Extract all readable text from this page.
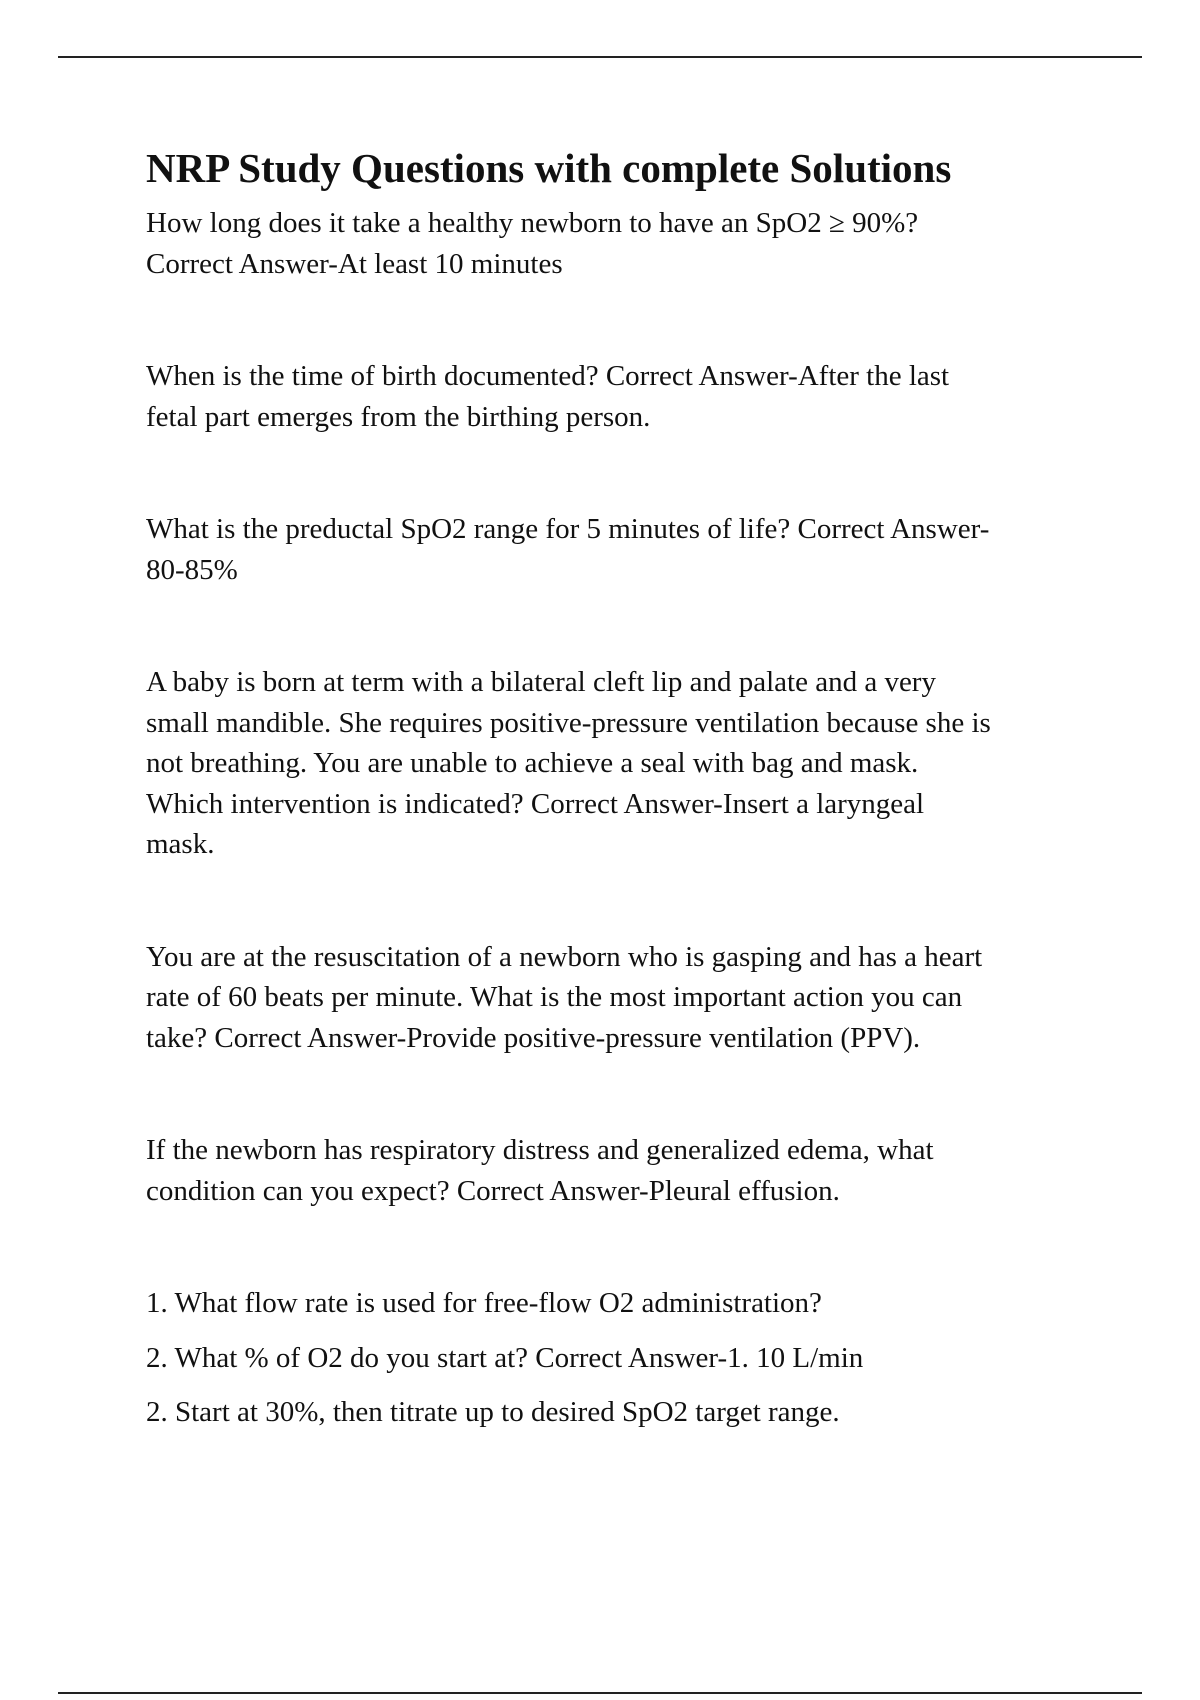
NRP Study Questions with complete Solutions
How long does it take a healthy newborn to have an SpO2 ≥ 90%?
Correct Answer-At least 10 minutes
When is the time of birth documented? Correct Answer-After the last
fetal part emerges from the birthing person.
What is the preductal SpO2 range for 5 minutes of life? Correct Answer-
80-85%
A baby is born at term with a bilateral cleft lip and palate and a very
small mandible. She requires positive-pressure ventilation because she is
not breathing. You are unable to achieve a seal with bag and mask.
Which intervention is indicated? Correct Answer-Insert a laryngeal
mask.
You are at the resuscitation of a newborn who is gasping and has a heart
rate of 60 beats per minute. What is the most important action you can
take? Correct Answer-Provide positive-pressure ventilation (PPV).
If the newborn has respiratory distress and generalized edema, what
condition can you expect? Correct Answer-Pleural effusion.
1. What flow rate is used for free-flow O2 administration?
2. What % of O2 do you start at? Correct Answer-1. 10 L/min
2. Start at 30%, then titrate up to desired SpO2 target range.
